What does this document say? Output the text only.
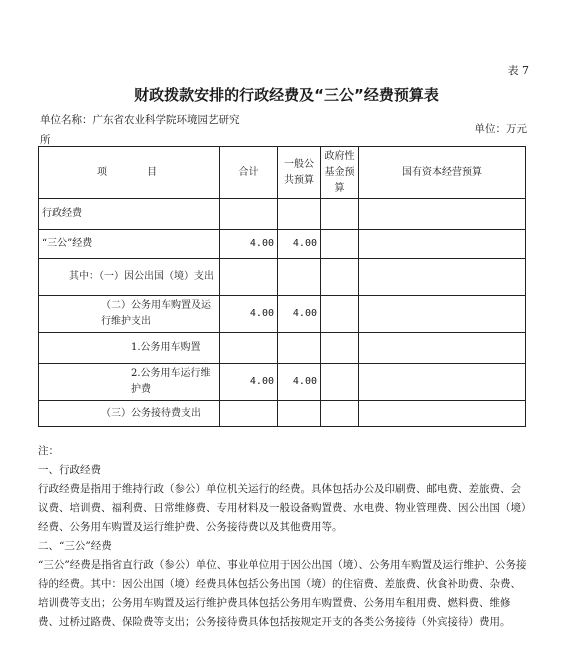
表 7
财政拨款安排的行政经费及“三公”经费预算表
单位名称：广东省农业科学院环境园艺研究所
单位：万元
项　　　　目	合计	一般公共预算	政府性基金预算	国有资本经营预算
行政经费				
“三公”经费	4.00	4.00		
其中：（一）因公出国（境）支出				
（二）公务用车购置及运行维护支出	4.00	4.00		
1.公务用车购置				
2.公务用车运行维护费	4.00	4.00		
（三）公务接待费支出				

注：

一、行政经费

行政经费是指用于维持行政（参公）单位机关运行的经费。具体包括办公及印刷费、邮电费、差旅费、会议费、培训费、福利费、日常维修费、专用材料及一般设备购置费、水电费、物业管理费、因公出国（境）经费、公务用车购置及运行维护费、公务接待费以及其他费用等。

二、“三公”经费

“三公”经费是指省直行政（参公）单位、事业单位用于因公出国（境）、公务用车购置及运行维护、公务接待的经费。其中：因公出国（境）经费具体包括公务出国（境）的住宿费、差旅费、伙食补助费、杂费、培训费等支出；公务用车购置及运行维护费具体包括公务用车购置费、公务用车租用费、燃料费、维修费、过桥过路费、保险费等支出；公务接待费具体包括按规定开支的各类公务接待（外宾接待）费用。
